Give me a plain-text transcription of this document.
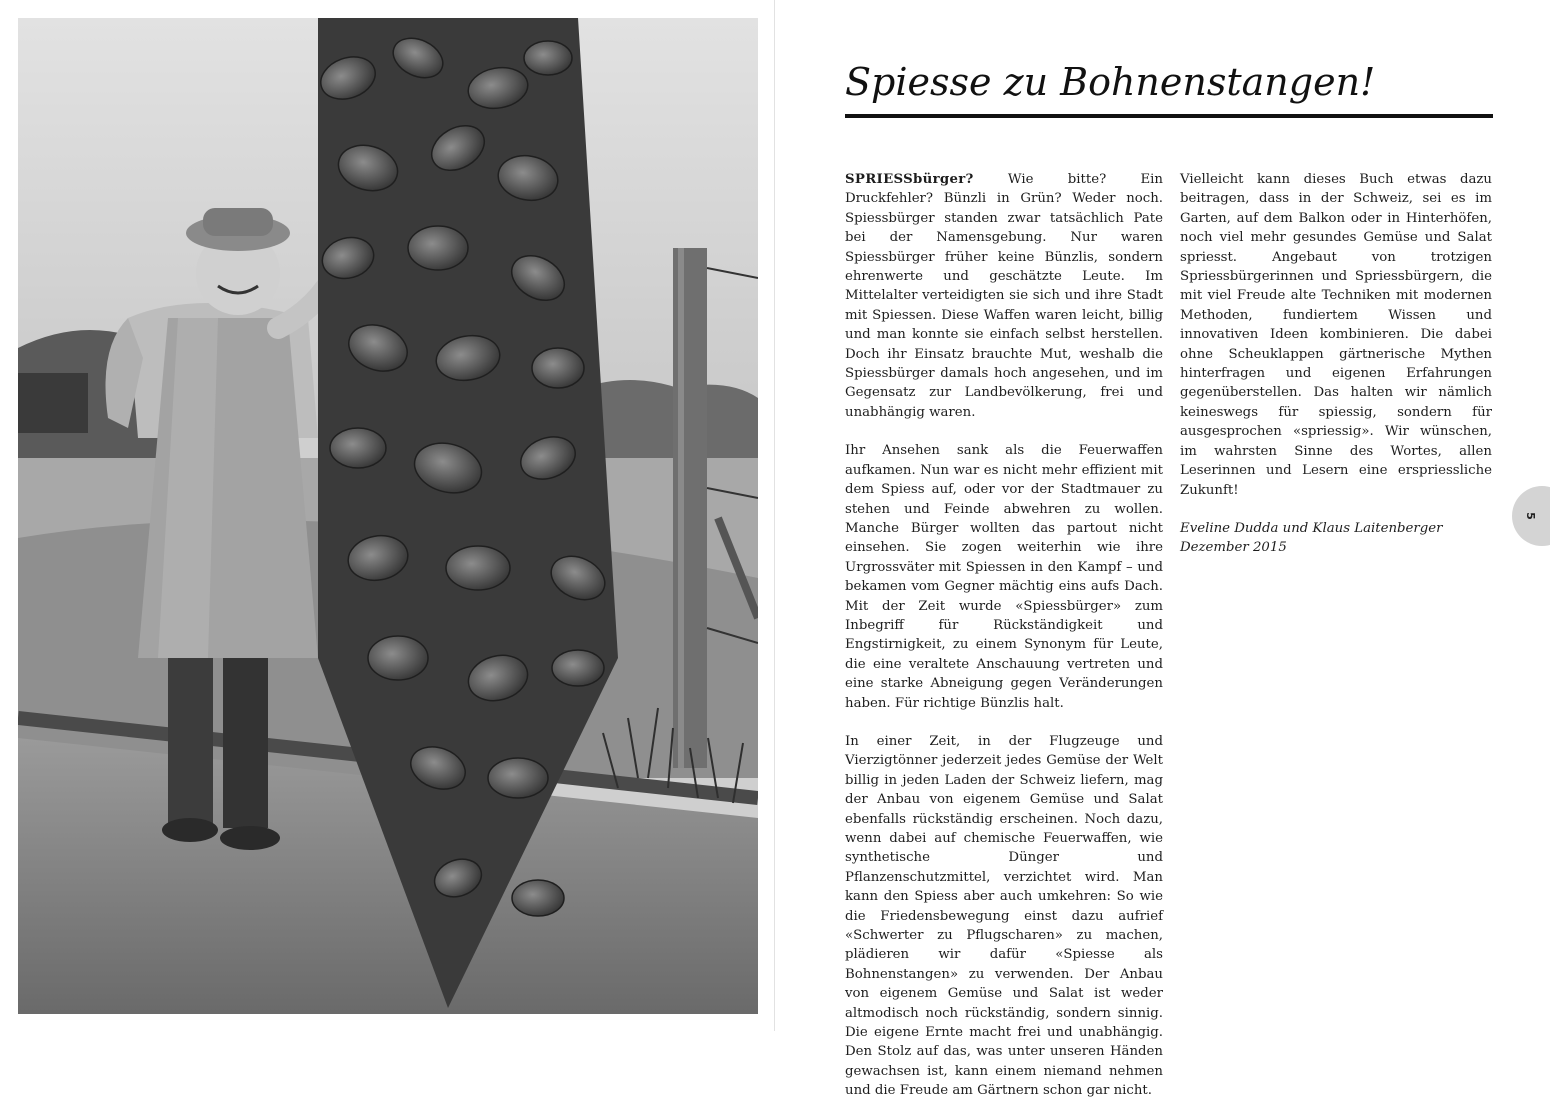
Spiesse zu Bohnenstangen!

SPRIESSbürger? Wie bitte? Ein Druckfehler? Bünzli in Grün? Weder noch. Spiessbürger standen zwar tatsächlich Pate bei der Namensgebung. Nur waren Spiessbürger früher keine Bünzlis, sondern ehrenwerte und geschätzte Leute. Im Mittelalter verteidigten sie sich und ihre Stadt mit Spiessen. Diese Waffen waren leicht, billig und man konnte sie einfach selbst herstellen. Doch ihr Einsatz brauchte Mut, weshalb die Spiessbürger damals hoch angesehen, und im Gegensatz zur Landbevölkerung, frei und unabhängig waren.

Ihr Ansehen sank als die Feuerwaffen aufkamen. Nun war es nicht mehr effizient mit dem Spiess auf, oder vor der Stadtmauer zu stehen und Feinde abwehren zu wollen. Manche Bürger wollten das partout nicht einsehen. Sie zogen weiterhin wie ihre Urgrossväter mit Spiessen in den Kampf – und bekamen vom Gegner mächtig eins aufs Dach. Mit der Zeit wurde «Spiessbürger» zum Inbegriff für Rückständigkeit und Engstirnigkeit, zu einem Synonym für Leute, die eine veraltete Anschauung vertreten und eine starke Abneigung gegen Veränderungen haben. Für richtige Bünzlis halt.

In einer Zeit, in der Flugzeuge und Vierzigtönner jederzeit jedes Gemüse der Welt billig in jeden Laden der Schweiz liefern, mag der Anbau von eigenem Gemüse und Salat ebenfalls rückständig erscheinen. Noch dazu, wenn dabei auf chemische Feuerwaffen, wie synthetische Dünger und Pflanzenschutzmittel, verzichtet wird. Man kann den Spiess aber auch umkehren: So wie die Friedensbewegung einst dazu aufrief «Schwerter zu Pflugscharen» zu machen, plädieren wir dafür «Spiesse als Bohnenstangen» zu verwenden. Der Anbau von eigenem Gemüse und Salat ist weder altmodisch noch rückständig, sondern sinnig. Die eigene Ernte macht frei und unabhängig. Den Stolz auf das, was unter unseren Händen gewachsen ist, kann einem niemand nehmen und die Freude am Gärtnern schon gar nicht.

Vielleicht kann dieses Buch etwas dazu beitragen, dass in der Schweiz, sei es im Garten, auf dem Balkon oder in Hinterhöfen, noch viel mehr gesundes Gemüse und Salat spriesst. Angebaut von trotzigen Spriessbürgerinnen und Spriessbürgern, die mit viel Freude alte Techniken mit modernen Methoden, fundiertem Wissen und innovativen Ideen kombinieren. Die dabei ohne Scheuklappen gärtnerische Mythen hinterfragen und eigenen Erfahrungen gegenüberstellen. Das halten wir nämlich keineswegs für spiessig, sondern für ausgesprochen «spriessig». Wir wünschen, im wahrsten Sinne des Wortes, allen Leserinnen und Lesern eine erspriessliche Zukunft!

Eveline Dudda und Klaus Laitenberger
Dezember 2015

5
